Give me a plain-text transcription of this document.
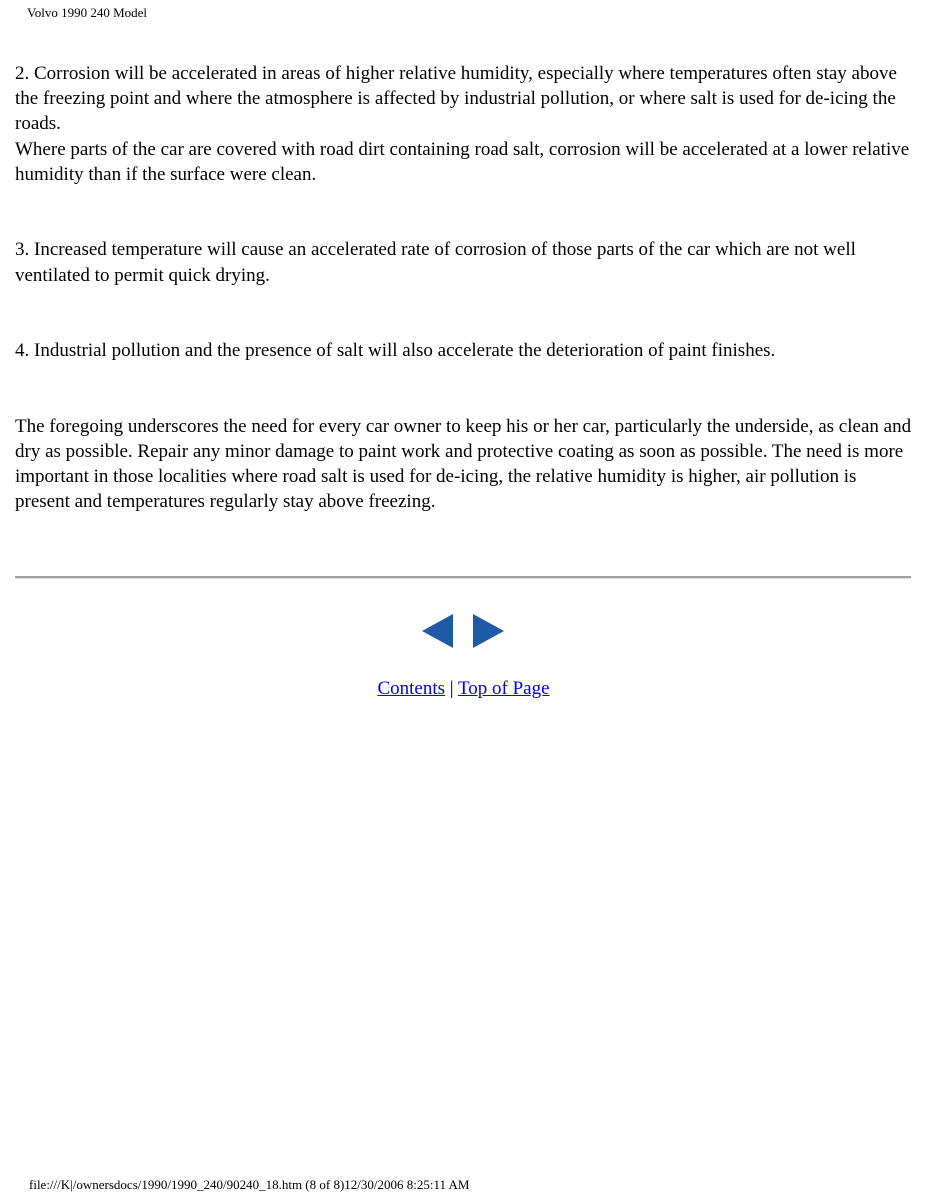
Volvo 1990 240 Model

2. Corrosion will be accelerated in areas of higher relative humidity, especially where temperatures often stay above the freezing point and where the atmosphere is affected by industrial pollution, or where salt is used for de-icing the roads.

Where parts of the car are covered with road dirt containing road salt, corrosion will be accelerated at a lower relative humidity than if the surface were clean.

3. Increased temperature will cause an accelerated rate of corrosion of those parts of the car which are not well ventilated to permit quick drying.

4. Industrial pollution and the presence of salt will also accelerate the deterioration of paint finishes.

The foregoing underscores the need for every car owner to keep his or her car, particularly the underside, as clean and dry as possible. Repair any minor damage to paint work and protective coating as soon as possible. The need is more important in those localities where road salt is used for de-icing, the relative humidity is higher, air pollution is present and temperatures regularly stay above freezing.

Contents | Top of Page
file:///K|/ownersdocs/1990/1990_240/90240_18.htm (8 of 8)12/30/2006 8:25:11 AM
